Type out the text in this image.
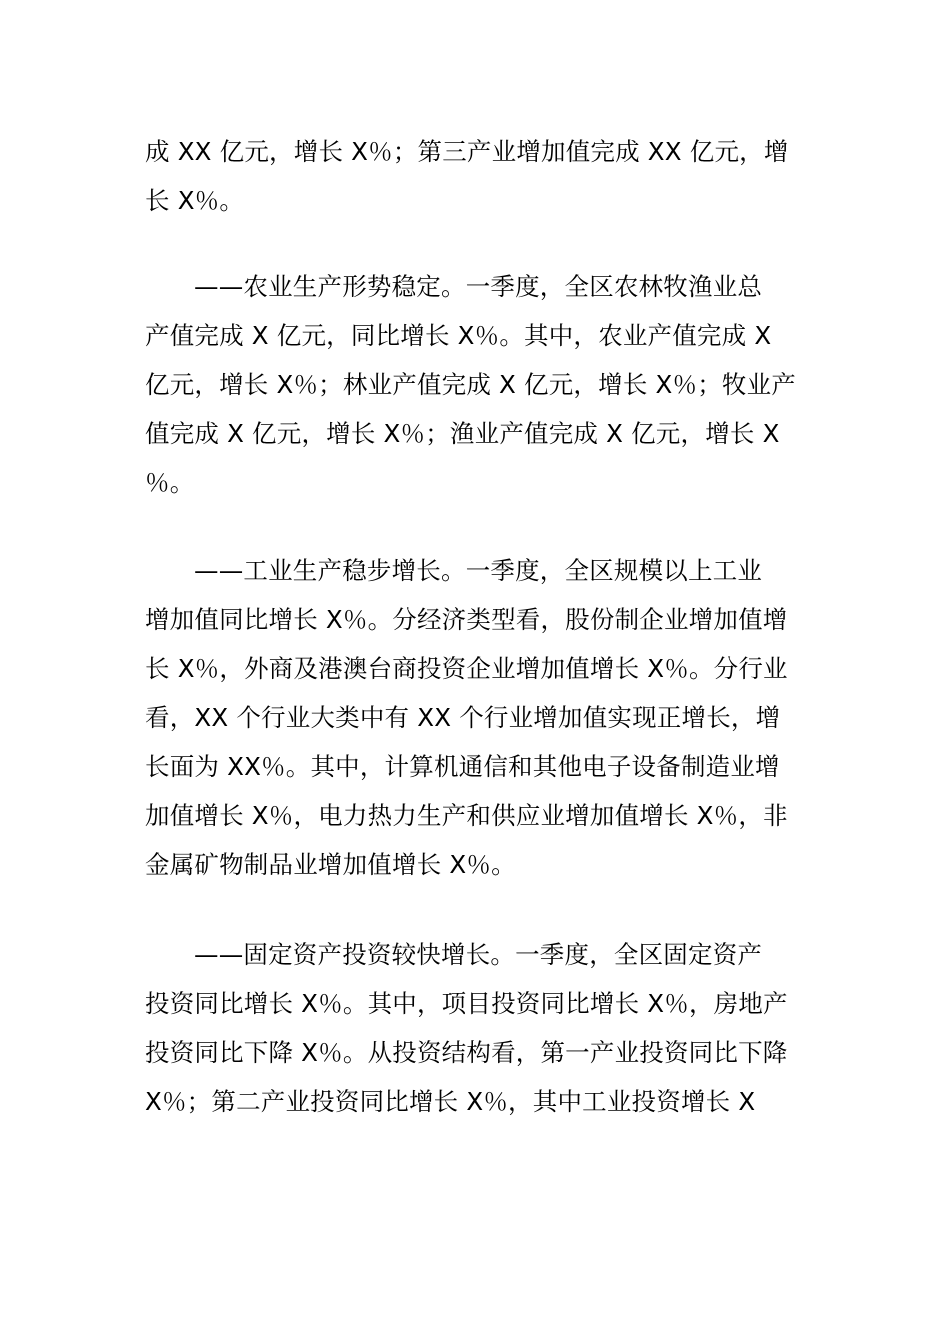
成 XX 亿元，增长 X％；第三产业增加值完成 XX 亿元，增
长 X％。
——农业生产形势稳定。一季度，全区农林牧渔业总
产值完成 X 亿元，同比增长 X％。其中，农业产值完成 X
亿元，增长 X％；林业产值完成 X 亿元，增长 X％；牧业产
值完成 X 亿元，增长 X％；渔业产值完成 X 亿元，增长 X
％。
——工业生产稳步增长。一季度，全区规模以上工业
增加值同比增长 X％。分经济类型看，股份制企业增加值增
长 X％，外商及港澳台商投资企业增加值增长 X％。分行业
看，XX 个行业大类中有 XX 个行业增加值实现正增长，增
长面为 XX％。其中，计算机通信和其他电子设备制造业增
加值增长 X％，电力热力生产和供应业增加值增长 X％，非
金属矿物制品业增加值增长 X％。
——固定资产投资较快增长。一季度，全区固定资产
投资同比增长 X％。其中，项目投资同比增长 X％，房地产
投资同比下降 X％。从投资结构看，第一产业投资同比下降
X％；第二产业投资同比增长 X％，其中工业投资增长 X
